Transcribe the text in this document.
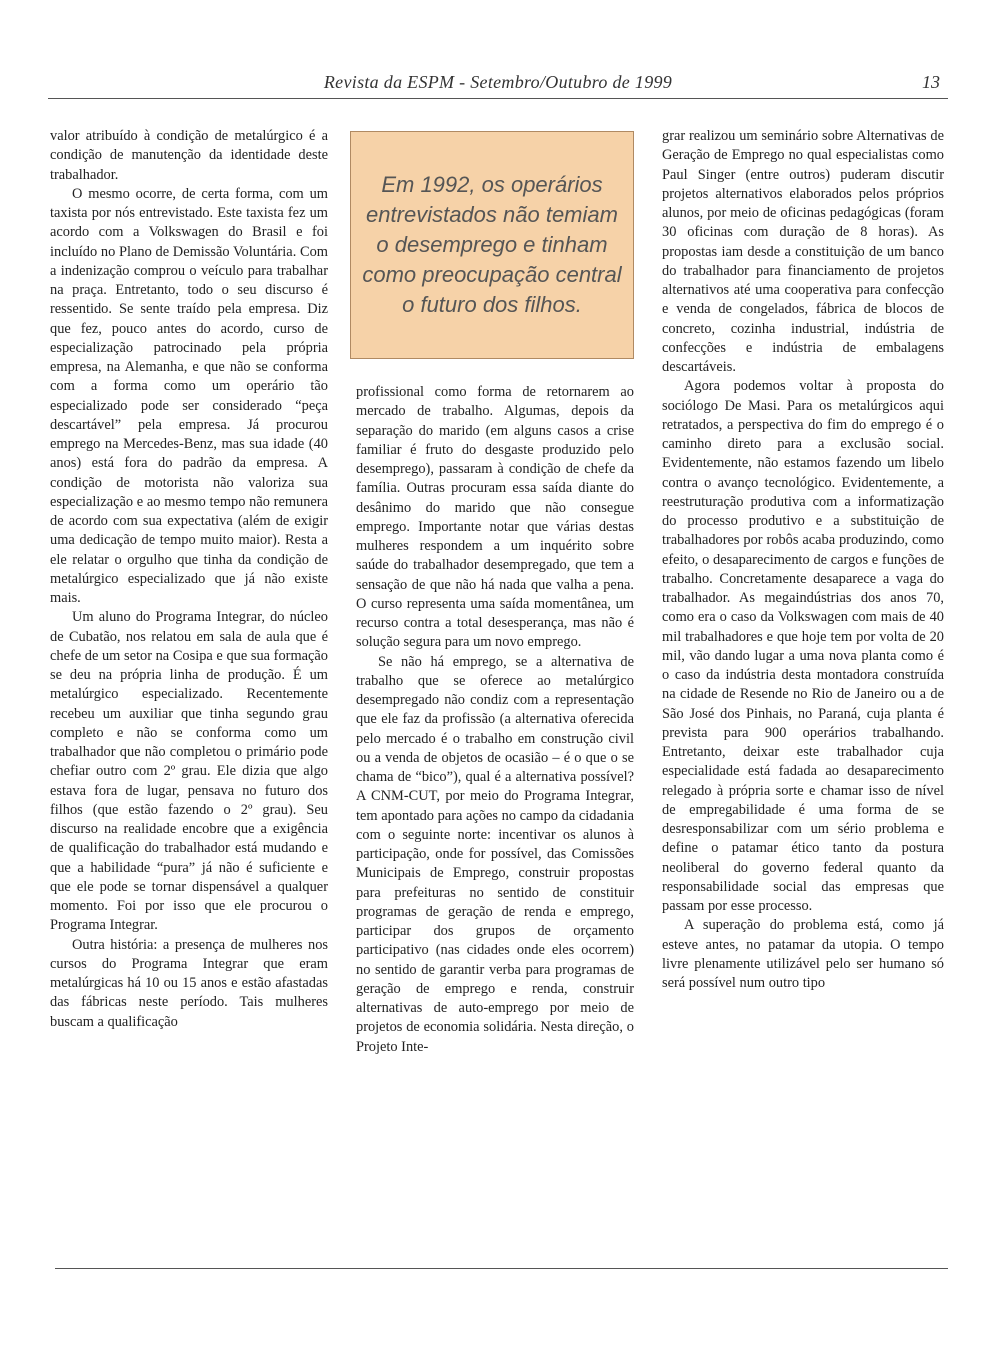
Revista da ESPM - Setembro/Outubro de 1999	13

valor atribuído à condição de metalúrgico é a condição de manutenção da identidade deste trabalhador.

O mesmo ocorre, de certa forma, com um taxista por nós entrevistado. Este taxista fez um acordo com a Volkswagen do Brasil e foi incluído no Plano de Demissão Voluntária. Com a indenização comprou o veículo para trabalhar na praça. Entretanto, todo o seu discurso é ressentido. Se sente traído pela empresa. Diz que fez, pouco antes do acordo, curso de especialização patrocinado pela própria empresa, na Alemanha, e que não se conforma com a forma como um operário tão especializado pode ser considerado “peça descartável” pela empresa. Já procurou emprego na Mercedes-Benz, mas sua idade (40 anos) está fora do padrão da empresa. A condição de motorista não valoriza sua especialização e ao mesmo tempo não remunera de acordo com sua expectativa (além de exigir uma dedicação de tempo muito maior). Resta a ele relatar o orgulho que tinha da condição de metalúrgico especializado que já não existe mais.

Um aluno do Programa Integrar, do núcleo de Cubatão, nos relatou em sala de aula que é chefe de um setor na Cosipa e que sua formação se deu na própria linha de produção. É um metalúrgico especializado. Recentemente recebeu um auxiliar que tinha segundo grau completo e não se conforma como um trabalhador que não completou o primário pode chefiar outro com 2º grau. Ele dizia que algo estava fora de lugar, pensava no futuro dos filhos (que estão fazendo o 2º grau). Seu discurso na realidade encobre que a exigência de qualificação do trabalhador está mudando e que a habilidade “pura” já não é suficiente e que ele pode se tornar dispensável a qualquer momento. Foi por isso que ele procurou o Programa Integrar.

Outra história: a presença de mulheres nos cursos do Programa Integrar que eram metalúrgicas há 10 ou 15 anos e estão afastadas das fábricas neste período. Tais mulheres buscam a qualificação

Em 1992, os operários entrevistados não temiam o desemprego e tinham como preocupação central o futuro dos filhos.

profissional como forma de retornarem ao mercado de trabalho. Algumas, depois da separação do marido (em alguns casos a crise familiar é fruto do desgaste produzido pelo desemprego), passaram à condição de chefe da família. Outras procuram essa saída diante do desânimo do marido que não consegue emprego. Importante notar que várias destas mulheres respondem a um inquérito sobre saúde do trabalhador desempregado, que tem a sensação de que não há nada que valha a pena. O curso representa uma saída momentânea, um recurso contra a total desesperança, mas não é solução segura para um novo emprego.

Se não há emprego, se a alternativa de trabalho que se oferece ao metalúrgico desempregado não condiz com a representação que ele faz da profissão (a alternativa oferecida pelo mercado é o trabalho em construção civil ou a venda de objetos de ocasião – é o que o se chama de “bico”), qual é a alternativa possível? A CNM-CUT, por meio do Programa Integrar, tem apontado para ações no campo da cidadania com o seguinte norte: incentivar os alunos à participação, onde for possível, das Comissões Municipais de Emprego, construir propostas para prefeituras no sentido de constituir programas de geração de renda e emprego, participar dos grupos de orçamento participativo (nas cidades onde eles ocorrem) no sentido de garantir verba para programas de geração de emprego e renda, construir alternativas de auto-emprego por meio de projetos de economia solidária. Nesta direção, o Projeto Inte-

grar realizou um seminário sobre Alternativas de Geração de Emprego no qual especialistas como Paul Singer (entre outros) puderam discutir projetos alternativos elaborados pelos próprios alunos, por meio de oficinas pedagógicas (foram 30 oficinas com duração de 8 horas). As propostas iam desde a constituição de um banco do trabalhador para financiamento de projetos alternativos até uma cooperativa para confecção e venda de congelados, fábrica de blocos de concreto, cozinha industrial, indústria de confecções e indústria de embalagens descartáveis.

Agora podemos voltar à proposta do sociólogo De Masi. Para os metalúrgicos aqui retratados, a perspectiva do fim do emprego é o caminho direto para a exclusão social. Evidentemente, não estamos fazendo um libelo contra o avanço tecnológico. Evidentemente, a reestruturação produtiva com a informatização do processo produtivo e a substituição de trabalhadores por robôs acaba produzindo, como efeito, o desaparecimento de cargos e funções de trabalho. Concretamente desaparece a vaga do trabalhador. As megaindústrias dos anos 70, como era o caso da Volkswagen com mais de 40 mil trabalhadores e que hoje tem por volta de 20 mil, vão dando lugar a uma nova planta como é o caso da indústria desta montadora construída na cidade de Resende no Rio de Janeiro ou a de São José dos Pinhais, no Paraná, cuja planta é prevista para 900 operários trabalhando. Entretanto, deixar este trabalhador cuja especialidade está fadada ao desaparecimento relegado à própria sorte e chamar isso de nível de empregabilidade é uma forma de se desresponsabilizar com um sério problema e define o patamar ético tanto da postura neoliberal do governo federal quanto da responsabilidade social das empresas que passam por esse processo.

A superação do problema está, como já esteve antes, no patamar da utopia. O tempo livre plenamente utilizável pelo ser humano só será possível num outro tipo
